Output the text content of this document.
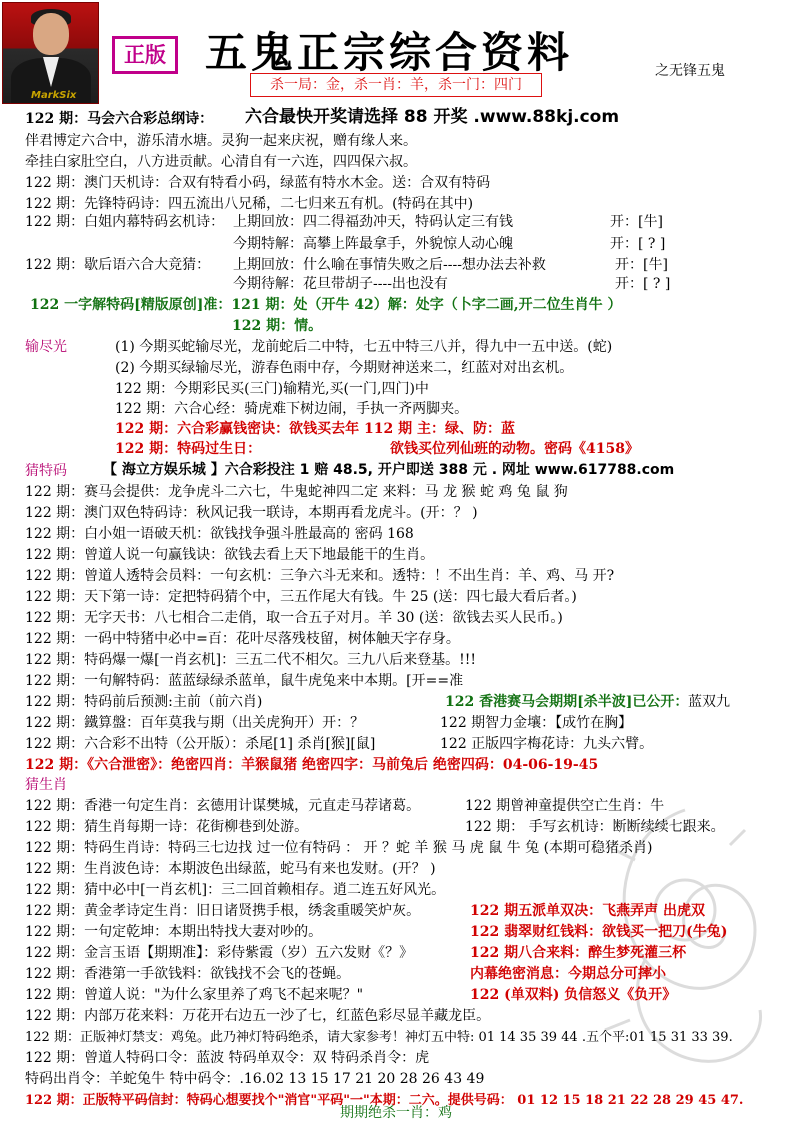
MarkSix
正版 五鬼正宗综合资料
杀一局：金，杀一肖：羊，杀一门：四门
之无锋五鬼
122 期：马会六合彩总纲诗： 六合最快开奖请选择 88 开奖 .www.88kj.com
伴君博定六合中，游乐清水塘。灵狗一起来庆祝，赠有缘人来。
牵挂白家肚空白，八方进贡献。心清自有一六连，四四保六叔。
122 期：澳门天机诗：合双有特看小码，绿蓝有特水木金。送：合双有特码
122 期：先锋特码诗：四五流出八兄稀，二七归来五有机。(特码在其中)
122 期：白姐内幕特码玄机诗： 上期回放：四二得福劲冲天，特码认定三有钱	开：[牛]
今期特解：高攀上阵最拿手，外貌惊人动心魄	开：[ ? ]
122 期：歇后语六合大竞猜： 上期回放：什么喻在事情失败之后----想办法去补救	开：[牛]
今期待解：花旦带胡子----出也没有	开：[ ? ]
122 一字解特码[精版原创]准：121 期：处（开牛 42）解：处字（卜字二画,开二位生肖牛 ）
122 期：情。
输尽光	(1) 今期买蛇输尽光，龙前蛇后二中特，七五中特三八并，得九中一五中送。(蛇)
(2) 今期买绿输尽光，游春色雨中存，今期财神送来二，红蓝对对出玄机。
122 期：今期彩民买(三门)输精光,买(一门,四门)中
122 期：六合心经：骑虎难下树边闹，手执一齐两脚夹。
122 期：六合彩赢钱密诀：欲钱买去年 112 期 主：绿、防：蓝
122 期：特码过生日：	欲钱买位列仙班的动物。密码《4158》
猜特码	【 海立方娱乐城 】六合彩投注 1 赔 48.5, 开户即送 388 元 . 网址 www.617788.com
122 期：赛马会提供：龙争虎斗二六七，牛鬼蛇神四二定 来料：马 龙 猴 蛇 鸡 兔 鼠 狗
122 期：澳门双色特码诗：秋风记我一联诗，本期再看龙虎斗。(开：？ )
122 期：白小姐一语破天机：欲钱找争强斗胜最高的 密码 168
122 期：曾道人说一句赢钱诀：欲钱去看上天下地最能干的生肖。
122 期：曾道人透特会员料：一句玄机：三争六斗无来和。透特：！不出生肖：羊、鸡、马 开?
122 期：天下第一诗：定把特码猜个中，三五作尾大有钱。牛 25 (送：四七最大看后者。)
122 期：无字天书：八七相合二走俏，取一合五子对月。羊 30 (送：欲钱去买人民币。)
122 期：一码中特猪中必中=百：花叶尽落残枝留，树体触天字存身。
122 期：特码爆一爆[一肖玄机]：三五二代不相欠。三九八后来登基。!!!
122 期：一句解特码：蓝蓝绿绿杀蓝单，鼠牛虎兔来中本期。[开==准
122 期：特码前后预测:主前（前六肖)	122 香港赛马会期期[杀半波]已公开： 蓝双九
122 期：鐵算盤：百年莫我与期（出关虎狗开）开：？	122 期智力金壤：【成竹在胸】
122 期：六合彩不出特（公开版）：杀尾[1] 杀肖[猴][鼠]	122 正版四字梅花诗：九头六臂。
122 期：《六合泄密》：绝密四肖：羊猴鼠猪 绝密四字：马前兔后 绝密四码：04-06-19-45
猜生肖
122 期：香港一句定生肖：玄德用计谋樊城，元直走马荐诸葛。	122 期曾神童提供空亡生肖：牛
122 期：猜生肖每期一诗：花街柳巷到处游。	122 期： 手写玄机诗：断断续续七跟来。
122 期：特码生肖诗：特码三七边找 过一位有特码 ： 开 ？蛇 羊 猴 马 虎 鼠 牛 兔 (本期可稳猪杀肖)
122 期：生肖波色诗：本期波色出绿蓝，蛇马有来也发财。(开？ )
122 期：猜中必中[一肖玄机]：三二回首赖相存。逍二连五好风光。
122 期：黄金孝诗定生肖：旧日诸贤携手根，绣衾重暖笑炉灰。	122 期五派单双决：飞燕弄声 出虎双
122 期：一句定乾坤：本期出特找大妻对吵的。	122 翡翠财红钱料：欲钱买一把刀(牛兔)
122 期：金言玉语【期期准】：彩侍紫霞（岁）五六发财《？》	122 期八合来料：醉生梦死灌三杯
122 期：香港第一手欲钱料：欲钱找不会飞的苍蝇。	内幕绝密消息：今期总分可摔小
122 期：曾道人说："为什么家里养了鸡飞不起来呢？"	122 (单双料) 负信怒义《负开》
122 期：内部万花来料：万花开右边五一沙了七，红蓝色彩尽显羊藏龙臣。
122 期：正版神灯禁支：鸡兔。此乃神灯特码绝杀，请大家参考！神灯五中特: 01 14 35 39 44 .五个平:01 15 31 33 39.
122 期：曾道人特码口令：蓝波 特码单双令：双 特码杀肖令：虎
特码出肖令：羊蛇兔牛 特中码令：.16.02 13 15 17 21 20 28 26 43 49
122 期：正版特平码信封：特码心想要找个"消官"平码"一"本期：二六。提供号码： 01 12 15 18 21 22 28 29 45 47.
期期绝杀一肖：鸡
